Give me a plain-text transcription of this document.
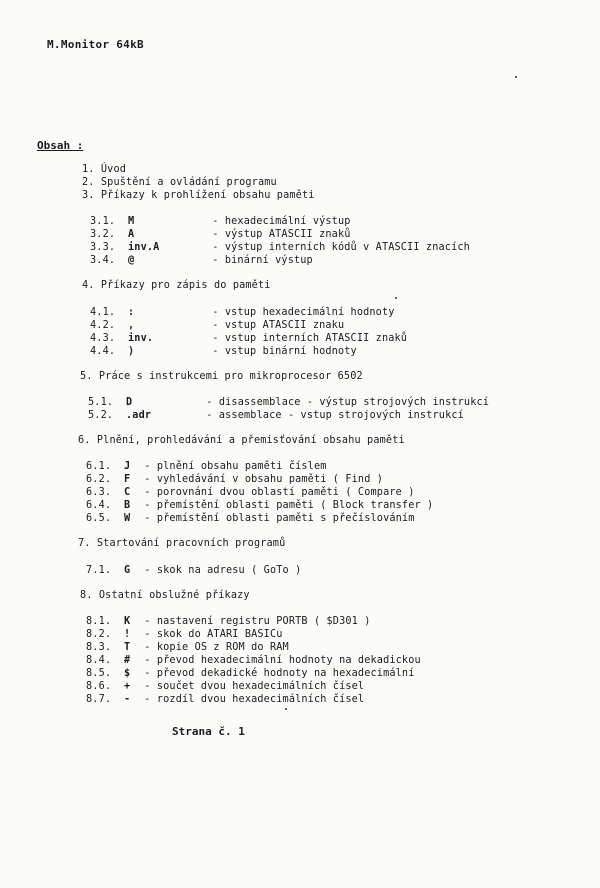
M.Monitor 64kB
Obsah :
1. Úvod
2. Spuštění a ovládání programu
3. Příkazy k prohlížení obsahu paměti
3.1. M	- hexadecimální výstup
3.2. A	- výstup ATASCII znaků
3.3. inv.A	- výstup interních kódů v ATASCII znacích
3.4. @	- binární výstup
4. Příkazy pro zápis do paměti
4.1. :	- vstup hexadecimální hodnoty
4.2. ,	- vstup ATASCII znaku
4.3. inv.	- vstup interních ATASCII znaků
4.4. )	- vstup binární hodnoty
5. Práce s instrukcemi pro mikroprocesor 6502
5.1. D	- disassemblace - výstup strojových instrukcí
5.2. .adr	- assemblace - vstup strojových instrukcí
6. Plnění, prohledávání a přemisťování obsahu paměti
6.1. J - plnění obsahu paměti číslem
6.2. F - vyhledávání v obsahu paměti ( Find )
6.3. C - porovnání dvou oblastí paměti ( Compare )
6.4. B - přemístění oblasti paměti ( Block transfer )
6.5. W - přemístění oblasti paměti s přečíslováním
7. Startování pracovních programů
7.1. G - skok na adresu ( GoTo )
8. Ostatní obslužné příkazy
8.1. K - nastavení registru PORTB ( $D301 )
8.2. ! - skok do ATARI BASICu
8.3. T - kopie OS z ROM do RAM
8.4. # - převod hexadecimální hodnoty na dekadickou
8.5. $ - převod dekadické hodnoty na hexadecimální
8.6. + - součet dvou hexadecimálních čísel
8.7. - - rozdíl dvou hexadecimálních čísel
Strana č. 1
